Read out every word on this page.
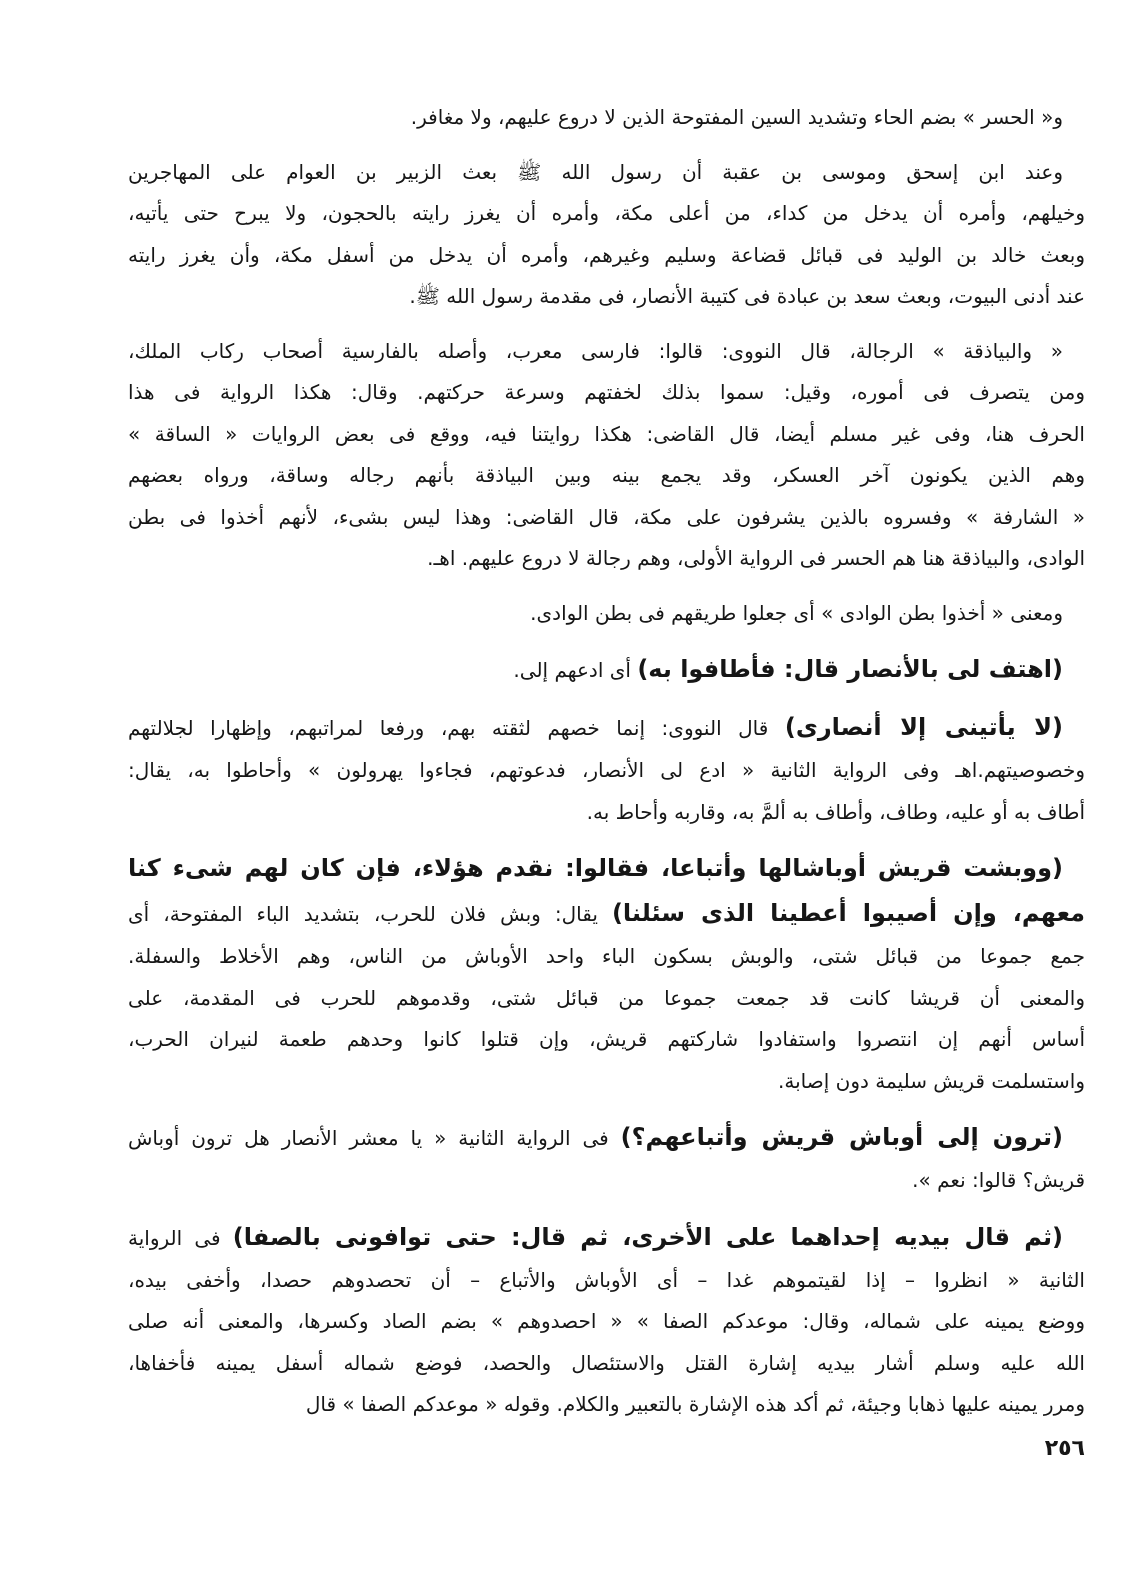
و« الحسر » بضم الحاء وتشديد السين المفتوحة الذين لا دروع عليهم، ولا مغافر.
وعند ابن إسحق وموسى بن عقبة أن رسول الله ﷺ بعث الزبير بن العوام على المهاجرين
وخيلهم، وأمره أن يدخل من كداء، من أعلى مكة، وأمره أن يغرز رايته بالحجون، ولا يبرح حتى يأتيه،
وبعث خالد بن الوليد فى قبائل قضاعة وسليم وغيرهم، وأمره أن يدخل من أسفل مكة، وأن يغرز رايته
عند أدنى البيوت، وبعث سعد بن عبادة فى كتيبة الأنصار، فى مقدمة رسول الله ﷺ.
« والبياذقة » الرجالة، قال النووى: قالوا: فارسى معرب، وأصله بالفارسية أصحاب ركاب الملك،
ومن يتصرف فى أموره، وقيل: سموا بذلك لخفتهم وسرعة حركتهم. وقال: هكذا الرواية فى هذا
الحرف هنا، وفى غير مسلم أيضا، قال القاضى: هكذا روايتنا فيه، ووقع فى بعض الروايات « الساقة »
وهم الذين يكونون آخر العسكر، وقد يجمع بينه وبين البياذقة بأنهم رجاله وساقة، ورواه بعضهم
« الشارفة » وفسروه بالذين يشرفون على مكة، قال القاضى: وهذا ليس بشىء، لأنهم أخذوا فى بطن
الوادى، والبياذقة هنا هم الحسر فى الرواية الأولى، وهم رجالة لا دروع عليهم. اهـ.
ومعنى « أخذوا بطن الوادى » أى جعلوا طريقهم فى بطن الوادى.
(اهتف لى بالأنصار قال: فأطافوا به) أى ادعهم إلى.
(لا يأتينى إلا أنصارى) قال النووى: إنما خصهم لثقته بهم، ورفعا لمراتبهم، وإظهارا لجلالتهم
وخصوصيتهم.اهـ وفى الرواية الثانية « ادع لى الأنصار، فدعوتهم، فجاءوا يهرولون » وأحاطوا به، يقال:
أطاف به أو عليه، وطاف، وأطاف به ألمَّ به، وقاربه وأحاط به.
(ووبشت قريش أوباشالها وأتباعا، فقالوا: نقدم هؤلاء، فإن كان لهم شىء كنا
معهم، وإن أصيبوا أعطينا الذى سئلنا) يقال: وبش فلان للحرب، بتشديد الباء المفتوحة، أى
جمع جموعا من قبائل شتى، والوبش بسكون الباء واحد الأوباش من الناس، وهم الأخلاط والسفلة.
والمعنى أن قريشا كانت قد جمعت جموعا من قبائل شتى، وقدموهم للحرب فى المقدمة، على
أساس أنهم إن انتصروا واستفادوا شاركتهم قريش، وإن قتلوا كانوا وحدهم طعمة لنيران الحرب،
واستسلمت قريش سليمة دون إصابة.
(ترون إلى أوباش قريش وأتباعهم؟) فى الرواية الثانية « يا معشر الأنصار هل ترون أوباش
قريش؟ قالوا: نعم ».
(ثم قال بيديه إحداهما على الأخرى، ثم قال: حتى توافونى بالصفا) فى الرواية
الثانية « انظروا – إذا لقيتموهم غدا – أى الأوباش والأتباع – أن تحصدوهم حصدا، وأخفى بيده،
ووضع يمينه على شماله، وقال: موعدكم الصفا » « احصدوهم » بضم الصاد وكسرها، والمعنى أنه صلى
الله عليه وسلم أشار بيديه إشارة القتل والاستئصال والحصد، فوضع شماله أسفل يمينه فأخفاها،
ومرر يمينه عليها ذهابا وجيئة، ثم أكد هذه الإشارة بالتعبير والكلام. وقوله « موعدكم الصفا » قال
٢٥٦
